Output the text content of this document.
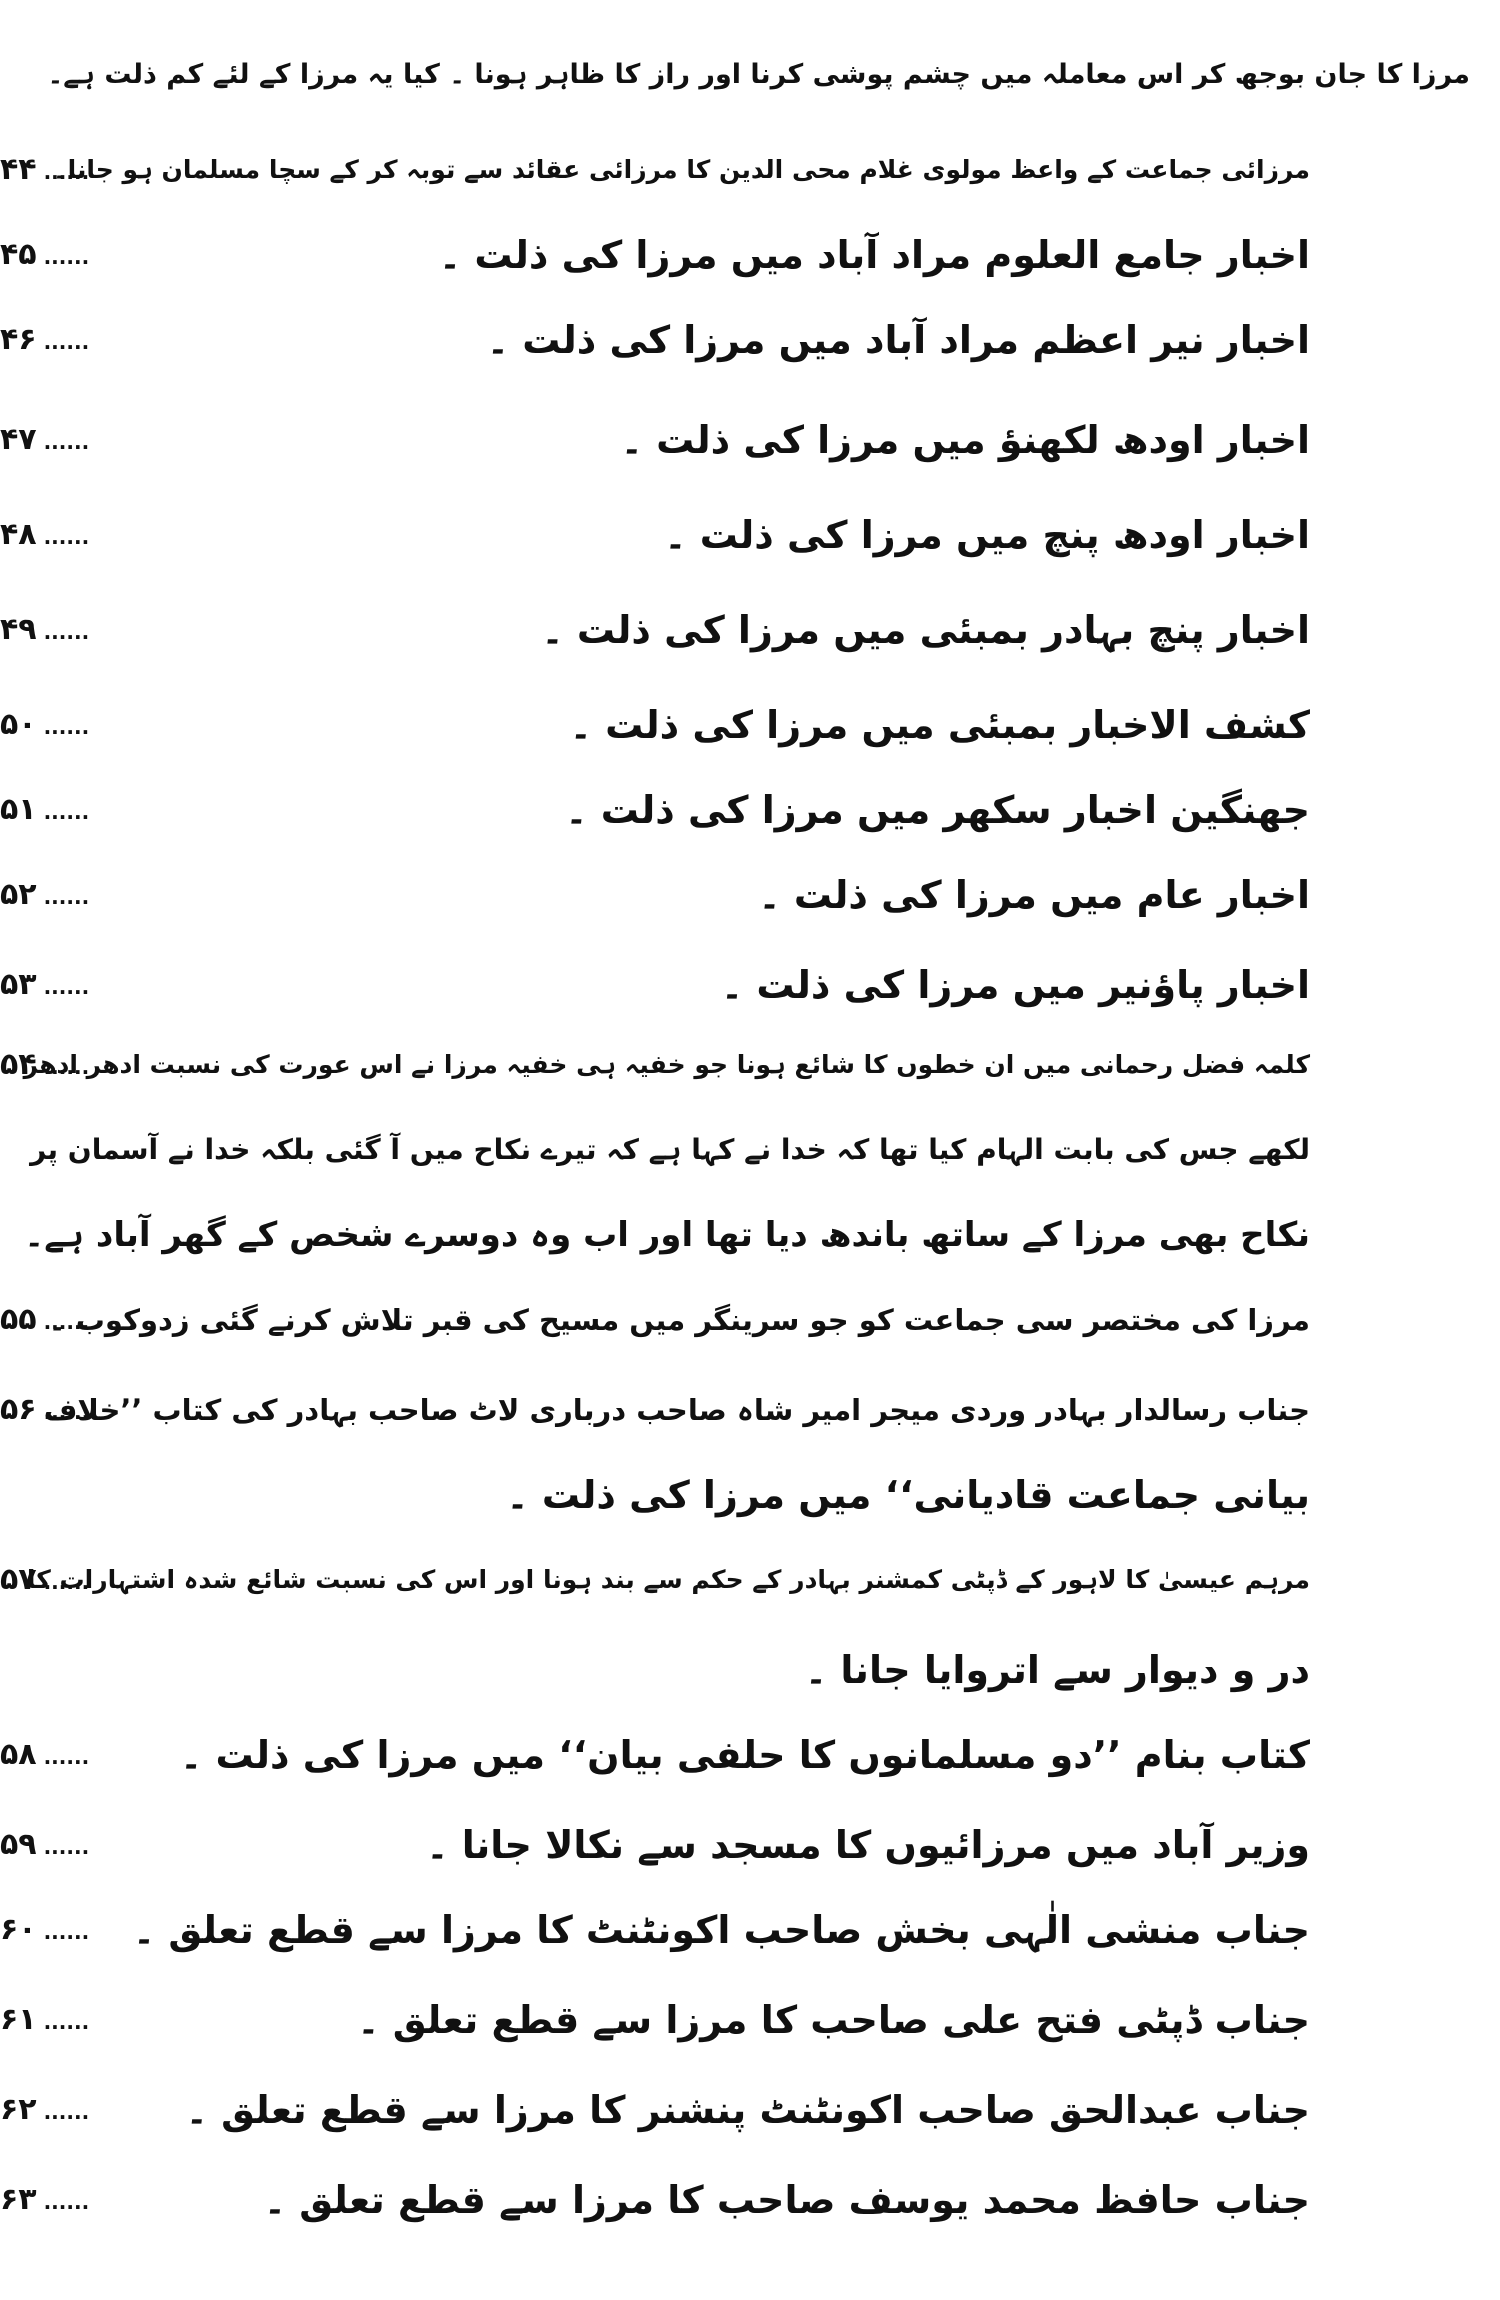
مرزا کا جان بوجھ کر اس معاملہ میں چشم پوشی کرنا اور راز کا ظاہر ہونا ۔ کیا یہ مرزا کے لئے کم ذلت ہے۔
۴۴ ...... مرزائی جماعت کے واعظ مولوی غلام محی الدین کا مرزائی عقائد سے توبہ کر کے سچا مسلمان ہو جانا۔
۴۵ ......	اخبار جامع العلوم مراد آباد میں مرزا کی ذلت ۔
۴۶ ......	اخبار نیر اعظم مراد آباد میں مرزا کی ذلت ۔
۴۷ ......	اخبار اودھ لکھنؤ میں مرزا کی ذلت ۔
۴۸ ......	اخبار اودھ پنچ میں مرزا کی ذلت ۔
۴۹ ......	اخبار پنچ بہادر بمبئی میں مرزا کی ذلت ۔
۵۰ ......	کشف الاخبار بمبئی میں مرزا کی ذلت ۔
۵۱ ......	جھنگین اخبار سکھر میں مرزا کی ذلت ۔
۵۲ ......	اخبار عام میں مرزا کی ذلت ۔
۵۳ ......	اخبار پاؤنیر میں مرزا کی ذلت ۔
۵۴ ......
کلمہ فضل رحمانی میں ان خطوں کا شائع ہونا جو خفیہ ہی خفیہ مرزا نے اس عورت کی نسبت ادھر ادھر
لکھے جس کی بابت الہام کیا تھا کہ خدا نے کہا ہے کہ تیرے نکاح میں آ گئی بلکہ خدا نے آسمان پر
نکاح بھی مرزا کے ساتھ باندھ دیا تھا اور اب وہ دوسرے شخص کے گھر آباد ہے۔
۵۵ ...... مرزا کی مختصر سی جماعت کو جو سرینگر میں مسیح کی قبر تلاش کرنے گئی زدوکوب ۔
۵۶ ...... جناب رسالدار بہادر وردی میجر امیر شاہ صاحب درباری لاٹ صاحب بہادر کی کتاب ’’خلاف
بیانی جماعت قادیانی‘‘ میں مرزا کی ذلت ۔
۵۷ ......
مرہم عیسیٰ کا لاہور کے ڈپٹی کمشنر بہادر کے حکم سے بند ہونا اور اس کی نسبت شائع شدہ اشتہارات کا
در و دیوار سے اتروایا جانا ۔
۵۸ ......	کتاب بنام ’’دو مسلمانوں کا حلفی بیان‘‘ میں مرزا کی ذلت ۔
۵۹ ......	وزیر آباد میں مرزائیوں کا مسجد سے نکالا جانا ۔
۶۰ ......	جناب منشی الٰہی بخش صاحب اکونٹنٹ کا مرزا سے قطع تعلق ۔
۶۱ ......	جناب ڈپٹی فتح علی صاحب کا مرزا سے قطع تعلق ۔
۶۲ ......	جناب عبدالحق صاحب اکونٹنٹ پنشنر کا مرزا سے قطع تعلق ۔
۶۳ ......	جناب حافظ محمد یوسف صاحب کا مرزا سے قطع تعلق ۔
